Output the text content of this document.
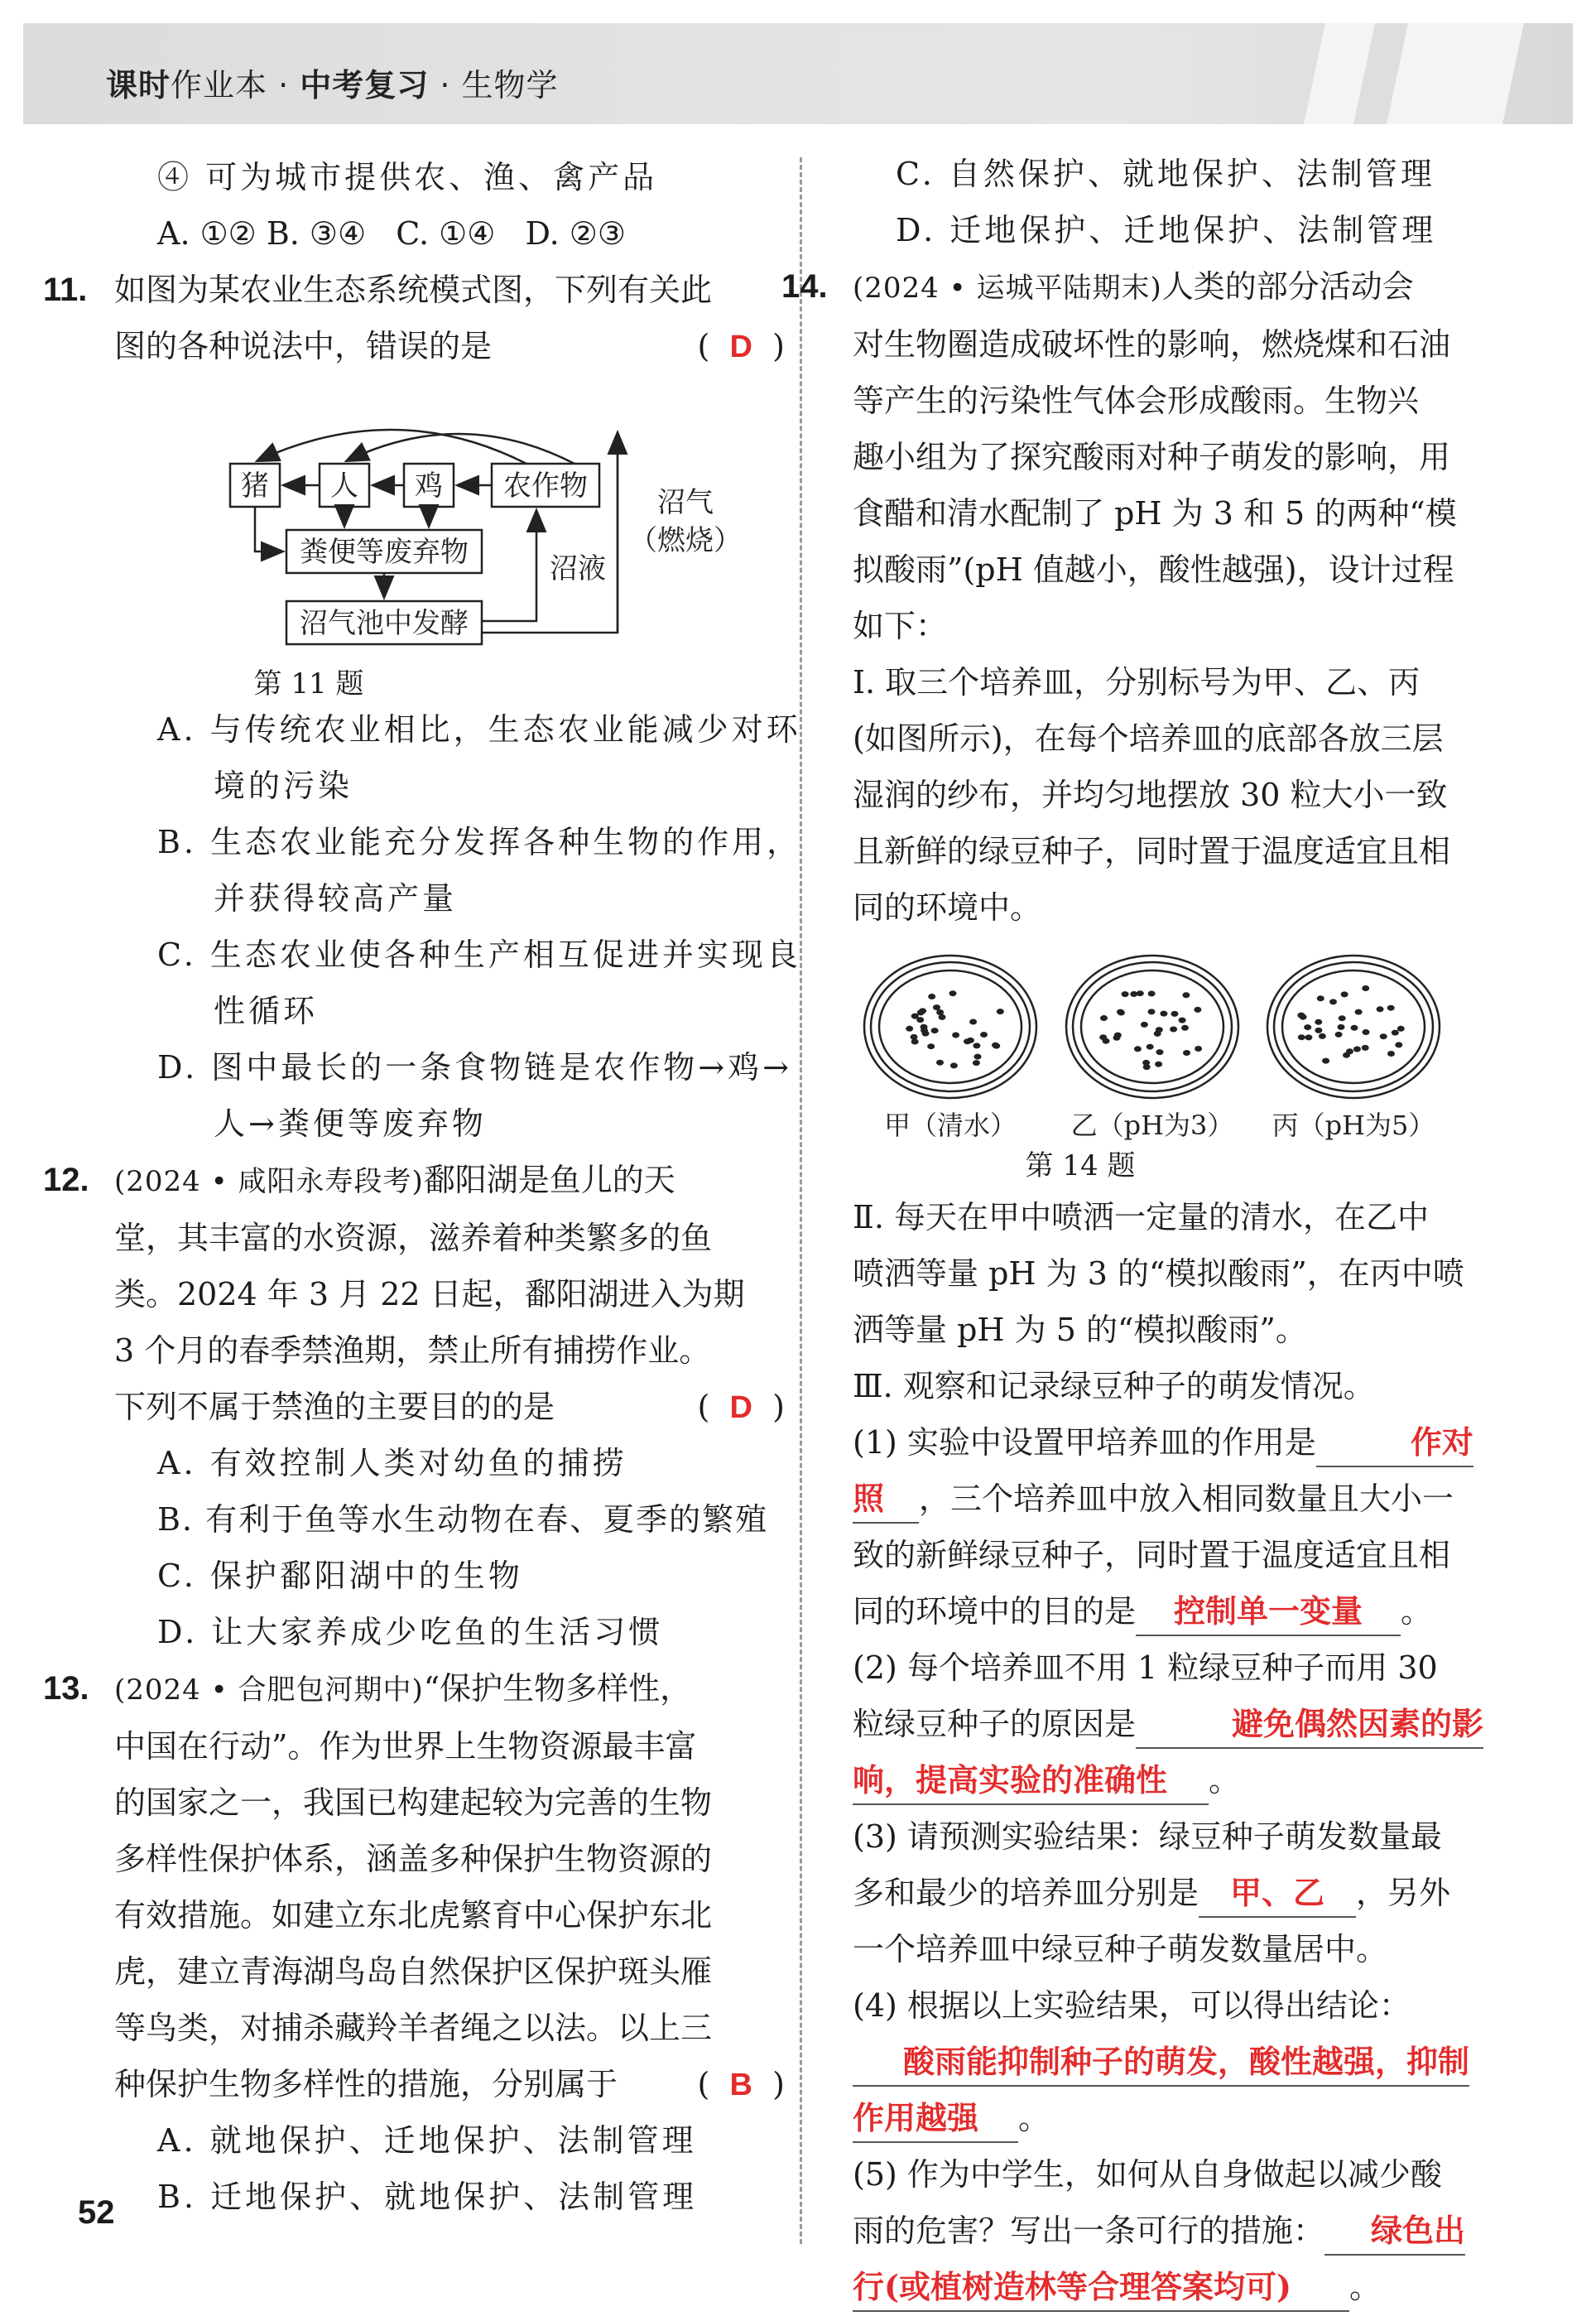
课时作业本 · 中考复习 · 生物学
④ 可为城市提供农、渔、禽产品
A. ①② B. ③④   C. ①④   D. ②③
11. 如图为某农业生态系统模式图，下列有关此
图的各种说法中，错误的是	( D )
猪 人 鸡 农作物
粪便等废弃物
沼气池中发酵
沼液
沼气
（燃烧）
第 11 题
A. 与传统农业相比，生态农业能减少对环
境的污染
B. 生态农业能充分发挥各种生物的作用，
并获得较高产量
C. 生态农业使各种生产相互促进并实现良
性循环
D. 图中最长的一条食物链是农作物→鸡→
人→粪便等废弃物
12. (2024 • 咸阳永寿段考)鄱阳湖是鱼儿的天
堂，其丰富的水资源，滋养着种类繁多的鱼
类。2024 年 3 月 22 日起，鄱阳湖进入为期
3 个月的春季禁渔期，禁止所有捕捞作业。
下列不属于禁渔的主要目的的是	( D )
A. 有效控制人类对幼鱼的捕捞
B. 有利于鱼等水生动物在春、夏季的繁殖
C. 保护鄱阳湖中的生物
D. 让大家养成少吃鱼的生活习惯
13. (2024 • 合肥包河期中)“保护生物多样性，
中国在行动”。作为世界上生物资源最丰富
的国家之一，我国已构建起较为完善的生物
多样性保护体系，涵盖多种保护生物资源的
有效措施。如建立东北虎繁育中心保护东北
虎，建立青海湖鸟岛自然保护区保护斑头雁
等鸟类，对捕杀藏羚羊者绳之以法。以上三
种保护生物多样性的措施，分别属于	( B )
A. 就地保护、迁地保护、法制管理
B. 迁地保护、就地保护、法制管理
C. 自然保护、就地保护、法制管理
D. 迁地保护、迁地保护、法制管理
14. (2024 • 运城平陆期末)人类的部分活动会
对生物圈造成破坏性的影响，燃烧煤和石油
等产生的污染性气体会形成酸雨。生物兴
趣小组为了探究酸雨对种子萌发的影响，用
食醋和清水配制了 pH 为 3 和 5 的两种“模
拟酸雨”(pH 值越小，酸性越强)，设计过程
如下：
Ⅰ. 取三个培养皿，分别标号为甲、乙、丙
(如图所示)，在每个培养皿的底部各放三层
湿润的纱布，并均匀地摆放 30 粒大小一致
且新鲜的绿豆种子，同时置于温度适宜且相
同的环境中。
甲（清水） 乙（pH为3） 丙（pH为5）
第 14 题
Ⅱ. 每天在甲中喷洒一定量的清水，在乙中
喷洒等量 pH 为 3 的“模拟酸雨”，在丙中喷
洒等量 pH 为 5 的“模拟酸雨”。
Ⅲ. 观察和记录绿豆种子的萌发情况。
(1) 实验中设置甲培养皿的作用是	作对
照 ，三个培养皿中放入相同数量且大小一
致的新鲜绿豆种子，同时置于温度适宜且相
同的环境中的目的是 控制单一变量 。
(2) 每个培养皿不用 1 粒绿豆种子而用 30
粒绿豆种子的原因是	避免偶然因素的影
响，提高实验的准确性 。
(3) 请预测实验结果：绿豆种子萌发数量最
多和最少的培养皿分别是 甲、乙 ，另外
一个培养皿中绿豆种子萌发数量居中。
(4) 根据以上实验结果，可以得出结论：
酸雨能抑制种子的萌发，酸性越强，抑制
作用越强 。
(5) 作为中学生，如何从自身做起以减少酸
雨的危害？写出一条可行的措施： 绿色出
行(或植树造林等合理答案均可) 。
52
